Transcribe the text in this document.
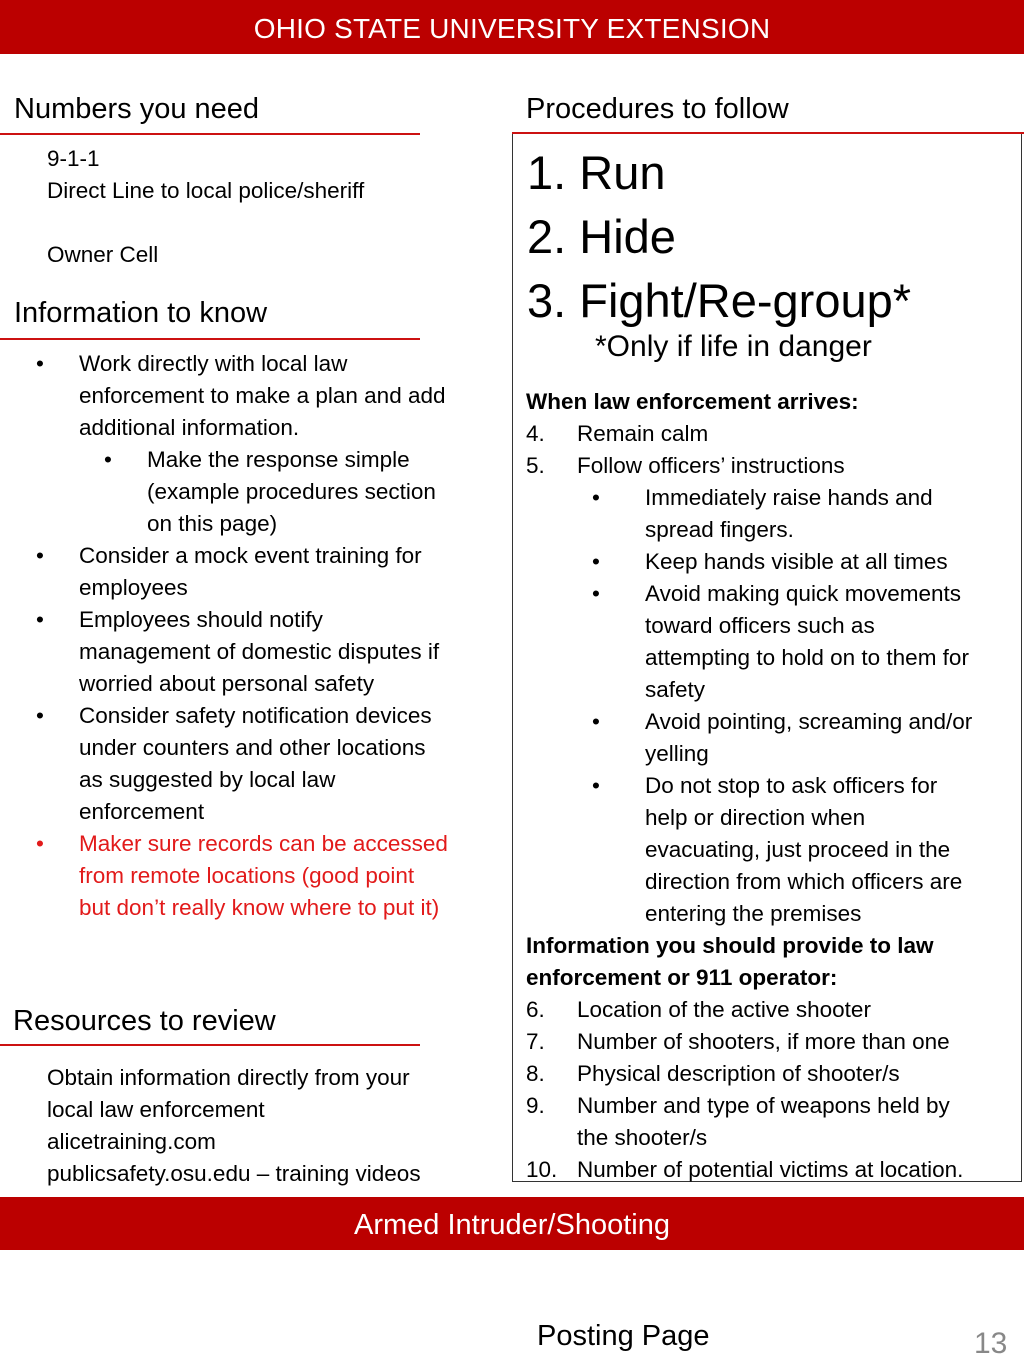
OHIO STATE UNIVERSITY EXTENSION
Numbers you need
9-1-1
Direct Line to local police/sheriff
Owner Cell
Information to know
• Work directly with local law
enforcement to make a plan and add
additional information.
• Make the response simple
(example procedures section
on this page)
• Consider a mock event training for
employees
• Employees should notify
management of domestic disputes if
worried about personal safety
• Consider safety notification devices
under counters and other locations
as suggested by local law
enforcement
• Maker sure records can be accessed
from remote locations (good point
but don’t really know where to put it)
Resources to review
Obtain information directly from your
local law enforcement
alicetraining.com
publicsafety.osu.edu – training videos
Procedures to follow
1. Run
2. Hide
3. Fight/Re-group*
*Only if life in danger
When law enforcement arrives:
4. Remain calm
5. Follow officers’ instructions
• Immediately raise hands and
spread fingers.
• Keep hands visible at all times
• Avoid making quick movements
toward officers such as
attempting to hold on to them for
safety
• Avoid pointing, screaming and/or
yelling
• Do not stop to ask officers for
help or direction when
evacuating, just proceed in the
direction from which officers are
entering the premises
Information you should provide to law
enforcement or 911 operator:
6. Location of the active shooter
7. Number of shooters, if more than one
8. Physical description of shooter/s
9. Number and type of weapons held by
the shooter/s
10. Number of potential victims at location.
Armed Intruder/Shooting
Posting Page	13
